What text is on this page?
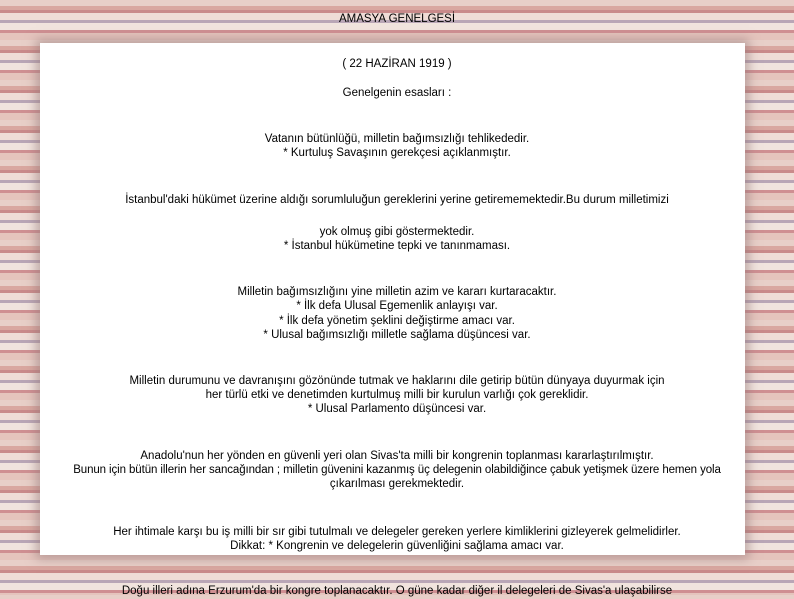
AMASYA GENELGESİ
( 22 HAZİRAN 1919 )
Genelgenin esasları :
Vatanın bütünlüğü, milletin bağımsızlığı tehlikededir.
* Kurtuluş Savaşının gerekçesi açıklanmıştır.
İstanbul'daki hükümet üzerine aldığı sorumluluğun gereklerini yerine getirememektedir.Bu durum milletimizi
yok olmuş gibi göstermektedir.
* İstanbul hükümetine tepki ve tanınmaması.
Milletin bağımsızlığını yine milletin azim ve kararı kurtaracaktır.
* İlk defa Ulusal Egemenlik anlayışı var.
* İlk defa yönetim şeklini değiştirme amacı var.
* Ulusal bağımsızlığı milletle sağlama düşüncesi var.
Milletin durumunu ve davranışını gözönünde tutmak ve haklarını dile getirip bütün dünyaya duyurmak için
her türlü etki ve denetimden kurtulmuş milli bir kurulun varlığı çok gereklidir.
* Ulusal Parlamento düşüncesi var.
Anadolu'nun her yönden en güvenli yeri olan Sivas'ta milli bir kongrenin toplanması kararlaştırılmıştır.
Bunun için bütün illerin her sancağından ; milletin güvenini kazanmış üç delegenin olabildiğince çabuk yetişmek üzere hemen yola
çıkarılması gerekmektedir.
Her ihtimale karşı bu iş milli bir sır gibi tutulmalı ve delegeler gereken yerlere kimliklerini gizleyerek gelmelidirler.
Dikkat: * Kongrenin ve delegelerin güvenliğini sağlama amacı var.
Doğu illeri adına Erzurum'da bir kongre toplanacaktır. O güne kadar diğer il delegeleri de Sivas'a ulaşabilirse
